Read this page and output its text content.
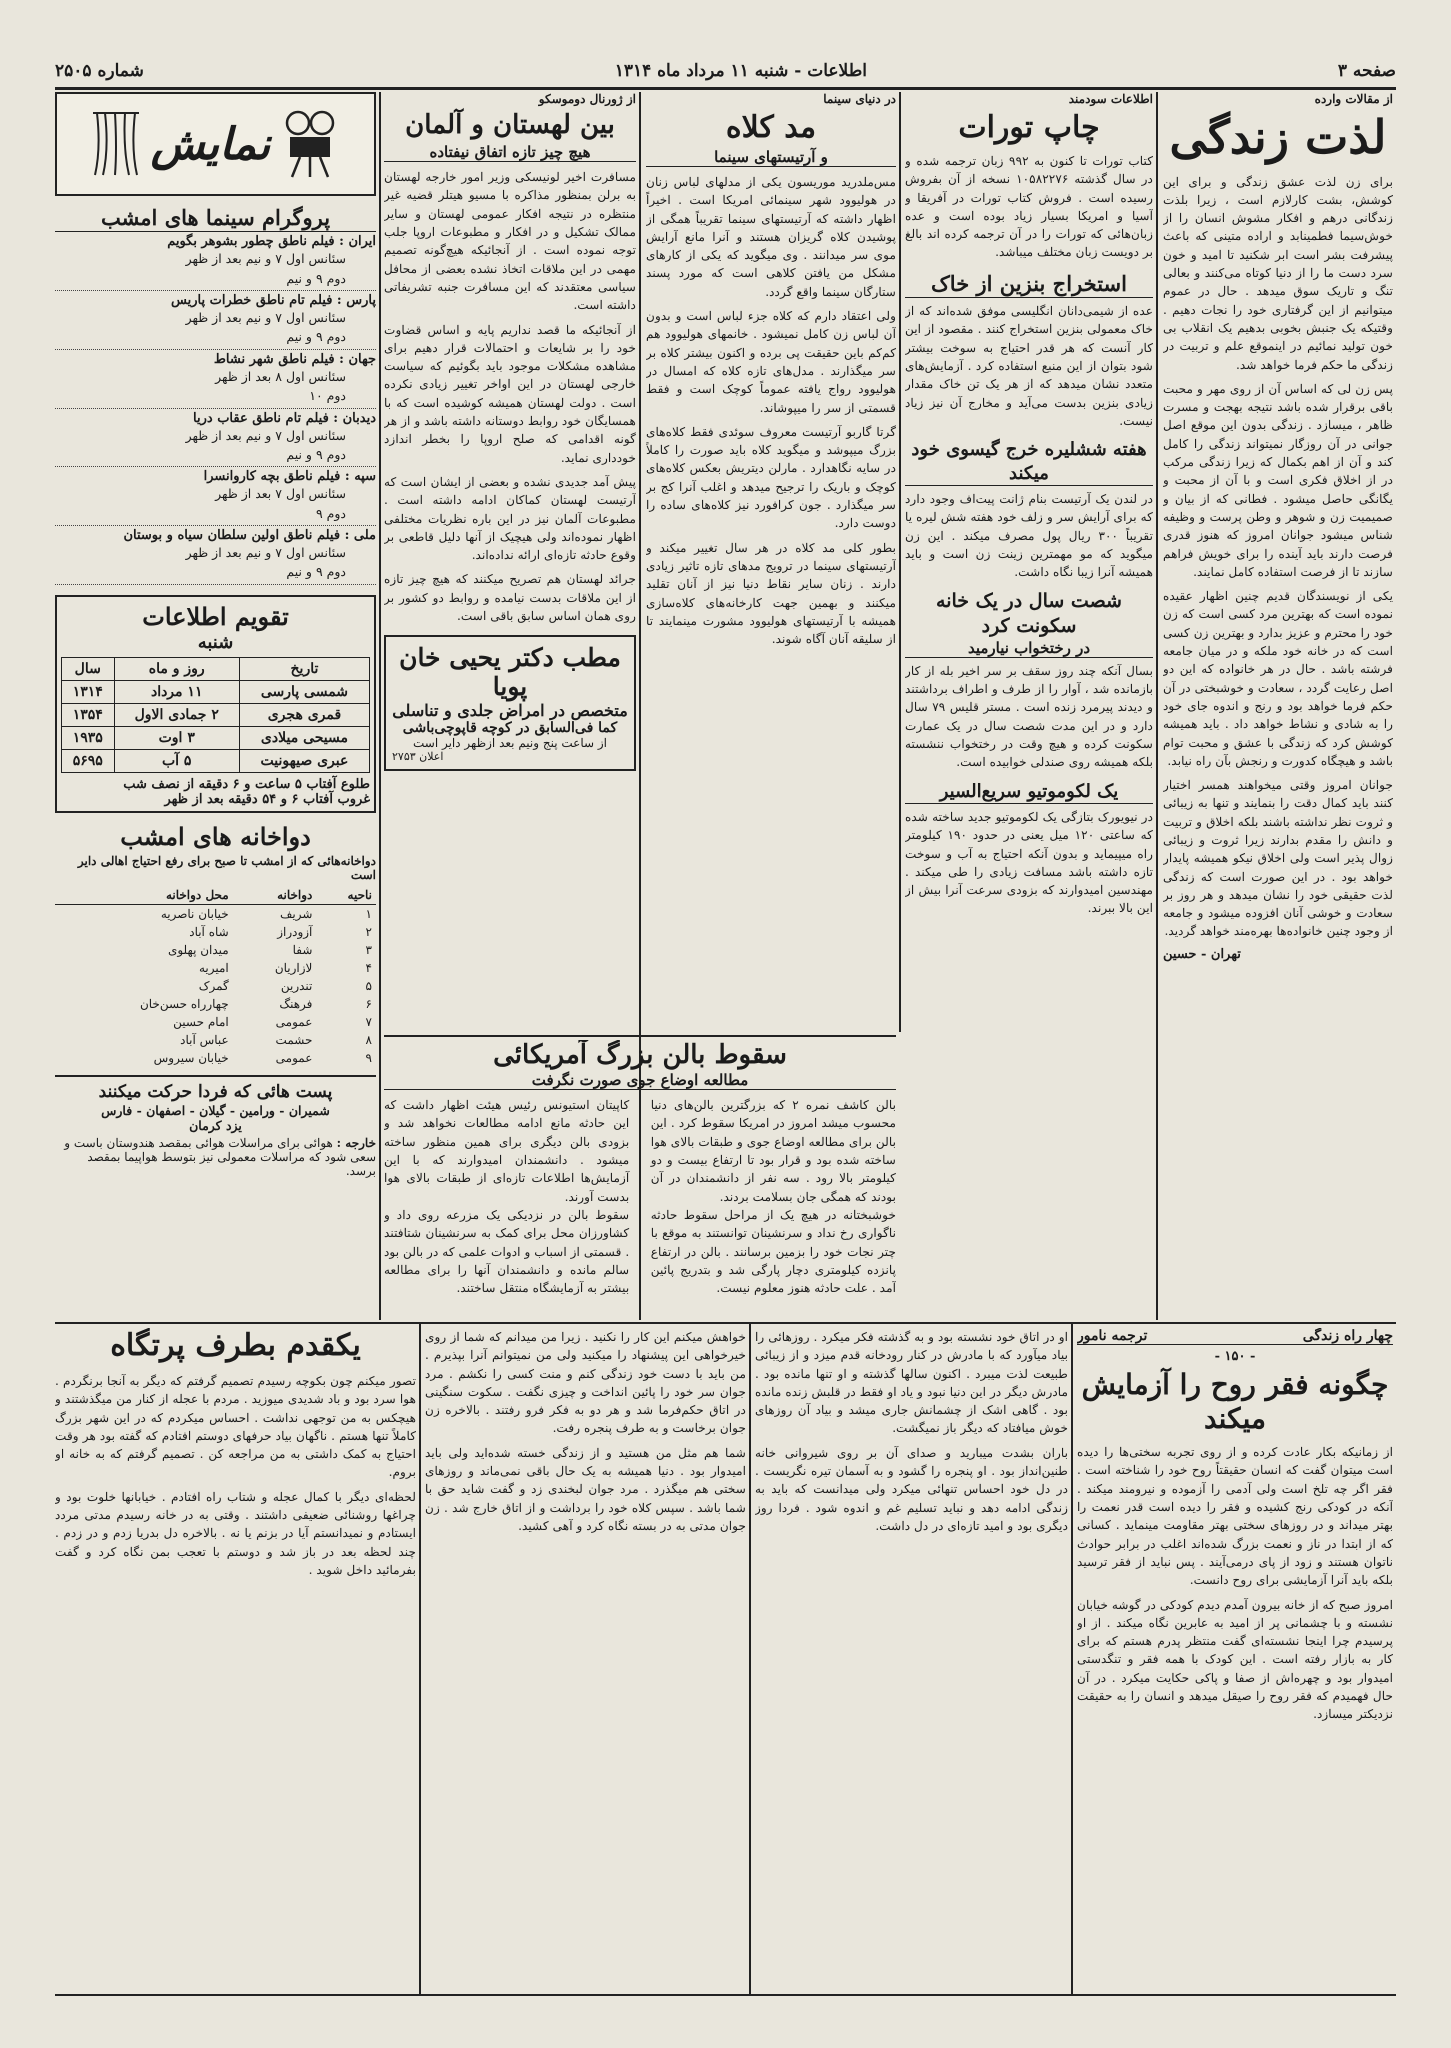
صفحه ۳
اطلاعات - شنبه ۱۱ مرداد ماه ۱۳۱۴
شماره ۲۵۰۵
از مقالات وارده
لذت زندگی

برای زن لذت عشق زندگی و برای این کوشش، بشت کارلازم است ، زیرا بلذت زندگانی درهم و افکار مشوش انسان را از خوش‌سیما فطمینابد و اراده متینی که باعث پیشرفت بشر است ابر شکنید تا امید و خون سرد دست ما را از دنیا کوتاه می‌کنند و بعالی تنگ و تاریک سوق میدهد . حال در عموم میتوانیم از این گرفتاری خود را نجات دهیم . وقتیکه یک جنبش بخوبی بدهیم یک انقلاب بی خون تولید نمائیم در اینموقع علم و تربیت در زندگی ما حکم فرما خواهد شد.

پس زن لی که اساس آن از روی مهر و محبت باقی برقرار شده باشد نتیجه بهجت و مسرت ظاهر ، میسازد . زندگی بدون این موقع اصل جوانی در آن روزگار نمیتواند زندگی را کامل کند و آن از اهم بکمال که زیرا زندگی مرکب در از اخلاق فکری است و با آن از محبت و یگانگی حاصل میشود . فطانی که از بیان و صمیمیت زن و شوهر و وطن پرست و وظیفه شناس میشود جوانان امروز که هنوز قدری فرصت دارند باید آینده را برای خویش فراهم سازند تا از فرصت استفاده کامل نمایند.

یکی از نویسندگان قدیم چنین اظهار عقیده نموده است که بهترین مرد کسی است که زن خود را محترم و عزیز بدارد و بهترین زن کسی است که در خانه خود ملکه و در میان جامعه فرشته باشد . حال در هر خانواده که این دو اصل رعایت گردد ، سعادت و خوشبختی در آن حکم فرما خواهد بود و رنج و اندوه جای خود را به شادی و نشاط خواهد داد . باید همیشه کوشش کرد که زندگی با عشق و محبت توام باشد و هیچگاه کدورت و رنجش بآن راه نیابد.

جوانان امروز وقتی میخواهند همسر اختیار کنند باید کمال دقت را بنمایند و تنها به زیبائی و ثروت نظر نداشته باشند بلکه اخلاق و تربیت و دانش را مقدم بدارند زیرا ثروت و زیبائی زوال پذیر است ولی اخلاق نیکو همیشه پایدار خواهد بود . در این صورت است که زندگی لذت حقیقی خود را نشان میدهد و هر روز بر سعادت و خوشی آنان افزوده میشود و جامعه از وجود چنین خانواده‌ها بهره‌مند خواهد گردید.

تهران - حسین
اطلاعات سودمند
چاپ تورات

کتاب تورات تا کنون به ۹۹۲ زبان ترجمه شده و در سال گذشته ۱۰۵۸۲۲۷۶ نسخه از آن بفروش رسیده است . فروش کتاب تورات در آفریقا و آسیا و امریکا بسیار زیاد بوده است و عده زبان‌هائی که تورات را در آن ترجمه کرده اند بالغ بر دویست زبان مختلف میباشد.

استخراج بنزین از خاک

عده از شیمی‌دانان انگلیسی موفق شده‌اند که از خاک معمولی بنزین استخراج کنند . مقصود از این کار آنست که هر قدر احتیاج به سوخت بیشتر شود بتوان از این منبع استفاده کرد . آزمایش‌های متعدد نشان میدهد که از هر یک تن خاک مقدار زیادی بنزین بدست می‌آید و مخارج آن نیز زیاد نیست.

هفته ششلیره خرج گیسوی خود میکند

در لندن یک آرتیست بنام ژانت پیت‌اف وجود دارد که برای آرایش سر و زلف خود هفته شش لیره یا تقریباً ۳۰۰ ریال پول مصرف میکند . این زن میگوید که مو مهمترین زینت زن است و باید همیشه آنرا زیبا نگاه داشت.

شصت سال در یک خانه سکونت کرد
در رختخواب نیارمید

بسال آنکه چند روز سقف بر سر اخیر بله از کار بازمانده شد ، آوار را از طرف و اطراف برداشتند و دیدند پیرمرد زنده است . مستر قلیس ۷۹ سال دارد و در این مدت شصت سال در یک عمارت سکونت کرده و هیچ وقت در رختخواب ننشسته بلکه همیشه روی صندلی خوابیده است.

یک لکوموتیو سریع‌السیر

در نیویورک بتازگی یک لکوموتیو جدید ساخته شده که ساعتی ۱۲۰ میل یعنی در حدود ۱۹۰ کیلومتر راه میپیماید و بدون آنکه احتیاج به آب و سوخت تازه داشته باشد مسافت زیادی را طی میکند . مهندسین امیدوارند که بزودی سرعت آنرا بیش از این بالا ببرند.

در دنیای سینما
مد کلاه
و آرتیستهای سینما

مس‌ملدرید موریسون یکی از مدلهای لباس زنان در هولیوود شهر سینمائی امریکا است . اخیراً اظهار داشته که آرتیستهای سینما تقریباً همگی از پوشیدن کلاه گریزان هستند و آنرا مانع آرایش موی سر میدانند . وی میگوید که یکی از کارهای مشکل من یافتن کلاهی است که مورد پسند ستارگان سینما واقع گردد.

ولی اعتقاد دارم که کلاه جزء لباس است و بدون آن لباس زن کامل نمیشود . خانمهای هولیوود هم کم‌کم باین حقیقت پی برده و اکنون بیشتر کلاه بر سر میگذارند . مدل‌های تازه کلاه که امسال در هولیوود رواج یافته عموماً کوچک است و فقط قسمتی از سر را میپوشاند.

گرتا گاربو آرتیست معروف سوئدی فقط کلاه‌های بزرگ میپوشد و میگوید کلاه باید صورت را کاملاً در سایه نگاهدارد . مارلن دیتریش بعکس کلاه‌های کوچک و باریک را ترجیح میدهد و اغلب آنرا کج بر سر میگذارد . جون کرافورد نیز کلاه‌های ساده را دوست دارد.

بطور کلی مد کلاه در هر سال تغییر میکند و آرتیستهای سینما در ترویج مدهای تازه تاثیر زیادی دارند . زنان سایر نقاط دنیا نیز از آنان تقلید میکنند و بهمین جهت کارخانه‌های کلاه‌سازی همیشه با آرتیستهای هولیوود مشورت مینمایند تا از سلیقه آنان آگاه شوند.

از ژورنال دوموسکو
بین لهستان و آلمان
هیچ چیز تازه اتفاق نیفتاده

مسافرت اخیر لونیسکی وزیر امور خارجه لهستان به برلن بمنظور مذاکره با مسیو هیتلر قضیه غیر منتظره در نتیجه افکار عمومی لهستان و سایر ممالک تشکیل و در افکار و مطبوعات اروپا جلب توجه نموده است . از آنجائیکه هیچ‌گونه تصمیم مهمی در این ملاقات اتخاذ نشده بعضی از محافل سیاسی معتقدند که این مسافرت جنبه تشریفاتی داشته است.

از آنجائیکه ما قصد نداریم پایه و اساس قضاوت خود را بر شایعات و احتمالات قرار دهیم برای مشاهده مشکلات موجود باید بگوئیم که سیاست خارجی لهستان در این اواخر تغییر زیادی نکرده است . دولت لهستان همیشه کوشیده است که با همسایگان خود روابط دوستانه داشته باشد و از هر گونه اقدامی که صلح اروپا را بخطر اندازد خودداری نماید.

پیش آمد جدیدی نشده و بعضی از ایشان است که آرتیست لهستان کماکان ادامه داشته است . مطبوعات آلمان نیز در این باره نظریات مختلفی اظهار نموده‌اند ولی هیچیک از آنها دلیل قاطعی بر وقوع حادثه تازه‌ای ارائه نداده‌اند.

جرائد لهستان هم تصریح میکنند که هیچ چیز تازه از این ملاقات بدست نیامده و روابط دو کشور بر روی همان اساس سابق باقی است.

مطب دکتر یحیی خان پویا
متخصص در امراض جلدی و تناسلی
کما فی‌السابق در کوچه قاپوچی‌باشی
از ساعت پنج ونیم بعد ازظهر دایر است
اعلان ۲۷۵۳
سقوط بالن بزرگ آمریکائی
مطالعه اوضاع جوی صورت نگرفت

بالن کاشف نمره ۲ که بزرگترین بالن‌های دنیا محسوب میشد امروز در امریکا سقوط کرد . این بالن برای مطالعه اوضاع جوی و طبقات بالای هوا ساخته شده بود و قرار بود تا ارتفاع بیست و دو کیلومتر بالا رود . سه نفر از دانشمندان در آن بودند که همگی جان بسلامت بردند.

خوشبختانه در هیچ یک از مراحل سقوط حادثه ناگواری رخ نداد و سرنشینان توانستند به موقع با چتر نجات خود را بزمین برسانند . بالن در ارتفاع پانزده کیلومتری دچار پارگی شد و بتدریج پائین آمد . علت حادثه هنوز معلوم نیست.

کاپیتان استیونس رئیس هیئت اظهار داشت که این حادثه مانع ادامه مطالعات نخواهد شد و بزودی بالن دیگری برای همین منظور ساخته میشود . دانشمندان امیدوارند که با این آزمایش‌ها اطلاعات تازه‌ای از طبقات بالای هوا بدست آورند.

سقوط بالن در نزدیکی یک مزرعه روی داد و کشاورزان محل برای کمک به سرنشینان شتافتند . قسمتی از اسباب و ادوات علمی که در بالن بود سالم مانده و دانشمندان آنها را برای مطالعه بیشتر به آزمایشگاه منتقل ساختند.

نمایش
پروگرام سینما های امشب
ایران : فیلم ناطق چطور بشوهر بگویم
سئانس اول ۷ و نیم بعد از ظهر
دوم ۹ و نیم
پارس : فیلم تام ناطق خطرات پاریس
سئانس اول ۷ و نیم بعد از ظهر
دوم ۹ و نیم
جهان : فیلم ناطق شهر نشاط
سئانس اول ۸ بعد از ظهر
دوم ۱۰
دیدبان : فیلم تام ناطق عقاب دریا
سئانس اول ۷ و نیم بعد از ظهر
دوم ۹ و نیم
سپه : فیلم ناطق بچه کاروانسرا
سئانس اول ۷ بعد از ظهر
دوم ۹
ملی : فیلم ناطق اولین سلطان سیاه و بوستان
سئانس اول ۷ و نیم بعد از ظهر
دوم ۹ و نیم
تقویم اطلاعات
شنبه
تاریخ	روز و ماه	سال
شمسی پارسی	۱۱ مرداد	۱۳۱۴
قمری هجری	۲ جمادی الاول	۱۳۵۴
مسیحی میلادی	۳ اوت	۱۹۳۵
عبری صیهونیت	۵ آب	۵۶۹۵
طلوع آفتاب ۵ ساعت و ۶ دقیقه از نصف شب
غروب آفتاب ۶ و ۵۴ دقیقه بعد از ظهر
دواخانه های امشب
دواخانه‌هائی که از امشب تا صبح برای رفع احتیاج اهالی دایر است
ناحیه	دواخانه	محل دواخانه
۱	شریف	خیابان ناصریه
۲	آزودراز	شاه آباد
۳	شفا	میدان پهلوی
۴	لازاریان	امیریه
۵	تندرین	گمرک
۶	فرهنگ	چهارراه حسن‌خان
۷	عمومی	امام حسین
۸	حشمت	عباس آباد
۹	عمومی	خیابان سیروس
پست هائی که فردا حرکت میکنند
شمیران - ورامین - گیلان - اصفهان - فارس
یزد کرمان
خارجه : هوائی برای مراسلات هوائی بمقصد هندوستان باست و سعی شود که مراسلات معمولی نیز بتوسط هواپیما بمقصد برسد.
چهار راه زندگی
ترجمه نامور
- ۱۵۰ -
چگونه فقر روح را آزمایش میکند

از زمانیکه بکار عادت کرده و از روی تجربه سختی‌ها را دیده است میتوان گفت که انسان حقیقتاً روح خود را شناخته است . فقر اگر چه تلخ است ولی آدمی را آزموده و نیرومند میکند . آنکه در کودکی رنج کشیده و فقر را دیده است قدر نعمت را بهتر میداند و در روزهای سختی بهتر مقاومت مینماید . کسانی که از ابتدا در ناز و نعمت بزرگ شده‌اند اغلب در برابر حوادث ناتوان هستند و زود از پای درمی‌آیند . پس نباید از فقر ترسید بلکه باید آنرا آزمایشی برای روح دانست.

امروز صبح که از خانه بیرون آمدم دیدم کودکی در گوشه خیابان نشسته و با چشمانی پر از امید به عابرین نگاه میکند . از او پرسیدم چرا اینجا نشسته‌ای گفت منتظر پدرم هستم که برای کار به بازار رفته است . این کودک با همه فقر و تنگدستی امیدوار بود و چهره‌اش از صفا و پاکی حکایت میکرد . در آن حال فهمیدم که فقر روح را صیقل میدهد و انسان را به حقیقت نزدیکتر میسازد.

او در اتاق خود نشسته بود و به گذشته فکر میکرد . روزهائی را بیاد میآورد که با مادرش در کنار رودخانه قدم میزد و از زیبائی طبیعت لذت میبرد . اکنون سالها گذشته و او تنها مانده بود . مادرش دیگر در این دنیا نبود و یاد او فقط در قلبش زنده مانده بود . گاهی اشک از چشمانش جاری میشد و بیاد آن روزهای خوش میافتاد که دیگر باز نمیگشت.

باران بشدت میبارید و صدای آن بر روی شیروانی خانه طنین‌انداز بود . او پنجره را گشود و به آسمان تیره نگریست . در دل خود احساس تنهائی میکرد ولی میدانست که باید به زندگی ادامه دهد و نباید تسلیم غم و اندوه شود . فردا روز دیگری بود و امید تازه‌ای در دل داشت.

خواهش میکنم این کار را نکنید . زیرا من میدانم که شما از روی خیرخواهی این پیشنهاد را میکنید ولی من نمیتوانم آنرا بپذیرم . من باید با دست خود زندگی کنم و منت کسی را نکشم . مرد جوان سر خود را پائین انداخت و چیزی نگفت . سکوت سنگینی در اتاق حکم‌فرما شد و هر دو به فکر فرو رفتند . بالاخره زن جوان برخاست و به طرف پنجره رفت.

شما هم مثل من هستید و از زندگی خسته شده‌اید ولی باید امیدوار بود . دنیا همیشه به یک حال باقی نمی‌ماند و روزهای سختی هم میگذرد . مرد جوان لبخندی زد و گفت شاید حق با شما باشد . سپس کلاه خود را برداشت و از اتاق خارج شد . زن جوان مدتی به در بسته نگاه کرد و آهی کشید.

یکقدم بطرف پرتگاه

تصور میکنم چون بکوچه رسیدم تصمیم گرفتم که دیگر به آنجا برنگردم . هوا سرد بود و باد شدیدی میوزید . مردم با عجله از کنار من میگذشتند و هیچکس به من توجهی نداشت . احساس میکردم که در این شهر بزرگ کاملاً تنها هستم . ناگهان بیاد حرفهای دوستم افتادم که گفته بود هر وقت احتیاج به کمک داشتی به من مراجعه کن . تصمیم گرفتم که به خانه او بروم.

لحظه‌ای دیگر با کمال عجله و شتاب راه افتادم . خیابانها خلوت بود و چراغها روشنائی ضعیفی داشتند . وقتی به در خانه رسیدم مدتی مردد ایستادم و نمیدانستم آیا در بزنم یا نه . بالاخره دل بدریا زدم و در زدم . چند لحظه بعد در باز شد و دوستم با تعجب بمن نگاه کرد و گفت بفرمائید داخل شوید .
